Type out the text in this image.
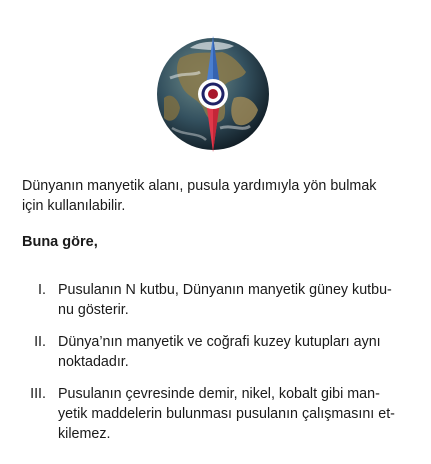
Dünyanın manyetik alanı, pusula yardımıyla yön bulmak
için kullanılabilir.

Buna göre,

I. Pusulanın N kutbu, Dünyanın manyetik güney kutbu-
nu gösterir.
II. Dünya’nın manyetik ve coğrafi kuzey kutupları aynı
noktadadır.
III. Pusulanın çevresinde demir, nikel, kobalt gibi man-
yetik maddelerin bulunması pusulanın çalışmasını et-
kilemez.
